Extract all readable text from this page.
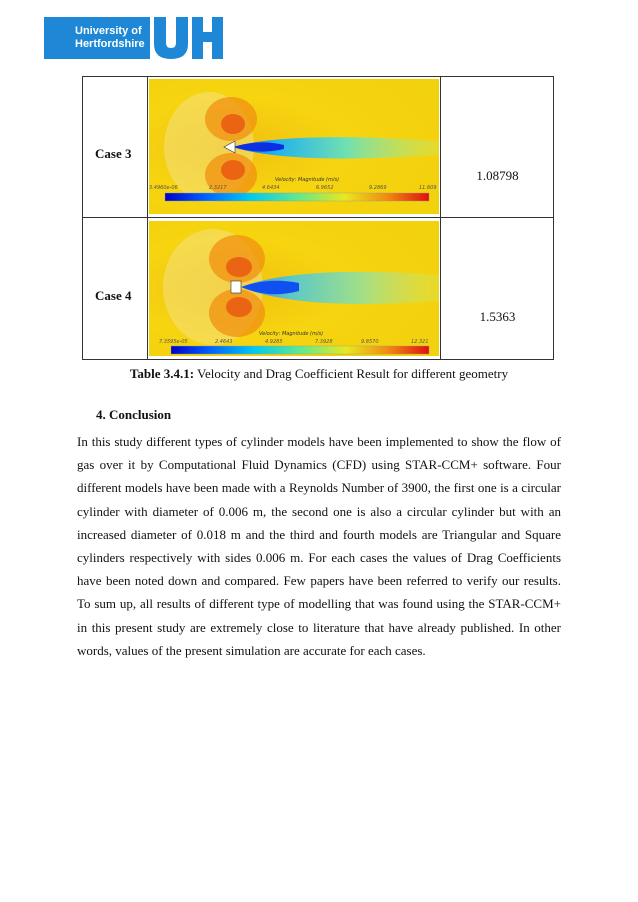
University of
Hertfordshire
UH
Case 3
Velocity: Magnitude (m/s)
3.4960e-06	2.3217	4.6434	6.9652	9.2869	11.609
1.08798
Case 4
Velocity: Magnitude (m/s)
7.3595e-05	2.4643	4.9285	7.3928	9.8570	12.321
1.5363
Table 3.4.1: Velocity and Drag Coefficient Result for different geometry
4. Conclusion
In this study different types of cylinder models have been implemented to show the flow of gas over it by Computational Fluid Dynamics (CFD) using STAR-CCM+ software. Four different models have been made with a Reynolds Number of 3900, the first one is a circular cylinder with diameter of 0.006 m, the second one is also a circular cylinder but with an increased diameter of 0.018 m and the third and fourth models are Triangular and Square cylinders respectively with sides 0.006 m. For each cases the values of Drag Coefficients have been noted down and compared. Few papers have been referred to verify our results. To sum up, all results of different type of modelling that was found using the STAR-CCM+ in this present study are extremely close to literature that have already published. In other words, values of the present simulation are accurate for each cases.
